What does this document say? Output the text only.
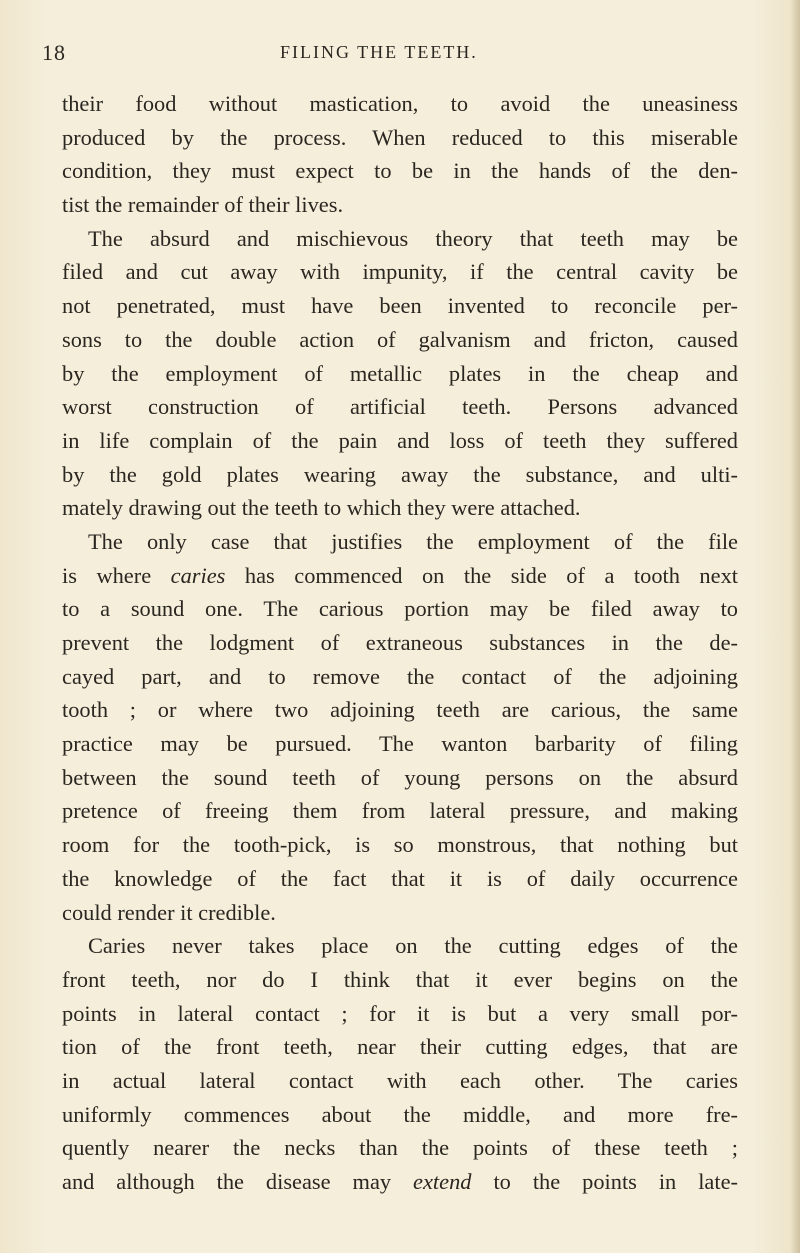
18	FILING THE TEETH.
their food without mastication, to avoid the uneasiness
produced by the process. When reduced to this miserable
condition, they must expect to be in the hands of the den-
tist the remainder of their lives.
The absurd and mischievous theory that teeth may be
filed and cut away with impunity, if the central cavity be
not penetrated, must have been invented to reconcile per-
sons to the double action of galvanism and fricton, caused
by the employment of metallic plates in the cheap and
worst construction of artificial teeth. Persons advanced
in life complain of the pain and loss of teeth they suffered
by the gold plates wearing away the substance, and ulti-
mately drawing out the teeth to which they were attached.
The only case that justifies the employment of the file
is where caries has commenced on the side of a tooth next
to a sound one. The carious portion may be filed away to
prevent the lodgment of extraneous substances in the de-
cayed part, and to remove the contact of the adjoining
tooth ; or where two adjoining teeth are carious, the same
practice may be pursued. The wanton barbarity of filing
between the sound teeth of young persons on the absurd
pretence of freeing them from lateral pressure, and making
room for the tooth-pick, is so monstrous, that nothing but
the knowledge of the fact that it is of daily occurrence
could render it credible.
Caries never takes place on the cutting edges of the
front teeth, nor do I think that it ever begins on the
points in lateral contact ; for it is but a very small por-
tion of the front teeth, near their cutting edges, that are
in actual lateral contact with each other. The caries
uniformly commences about the middle, and more fre-
quently nearer the necks than the points of these teeth ;
and although the disease may extend to the points in late-
